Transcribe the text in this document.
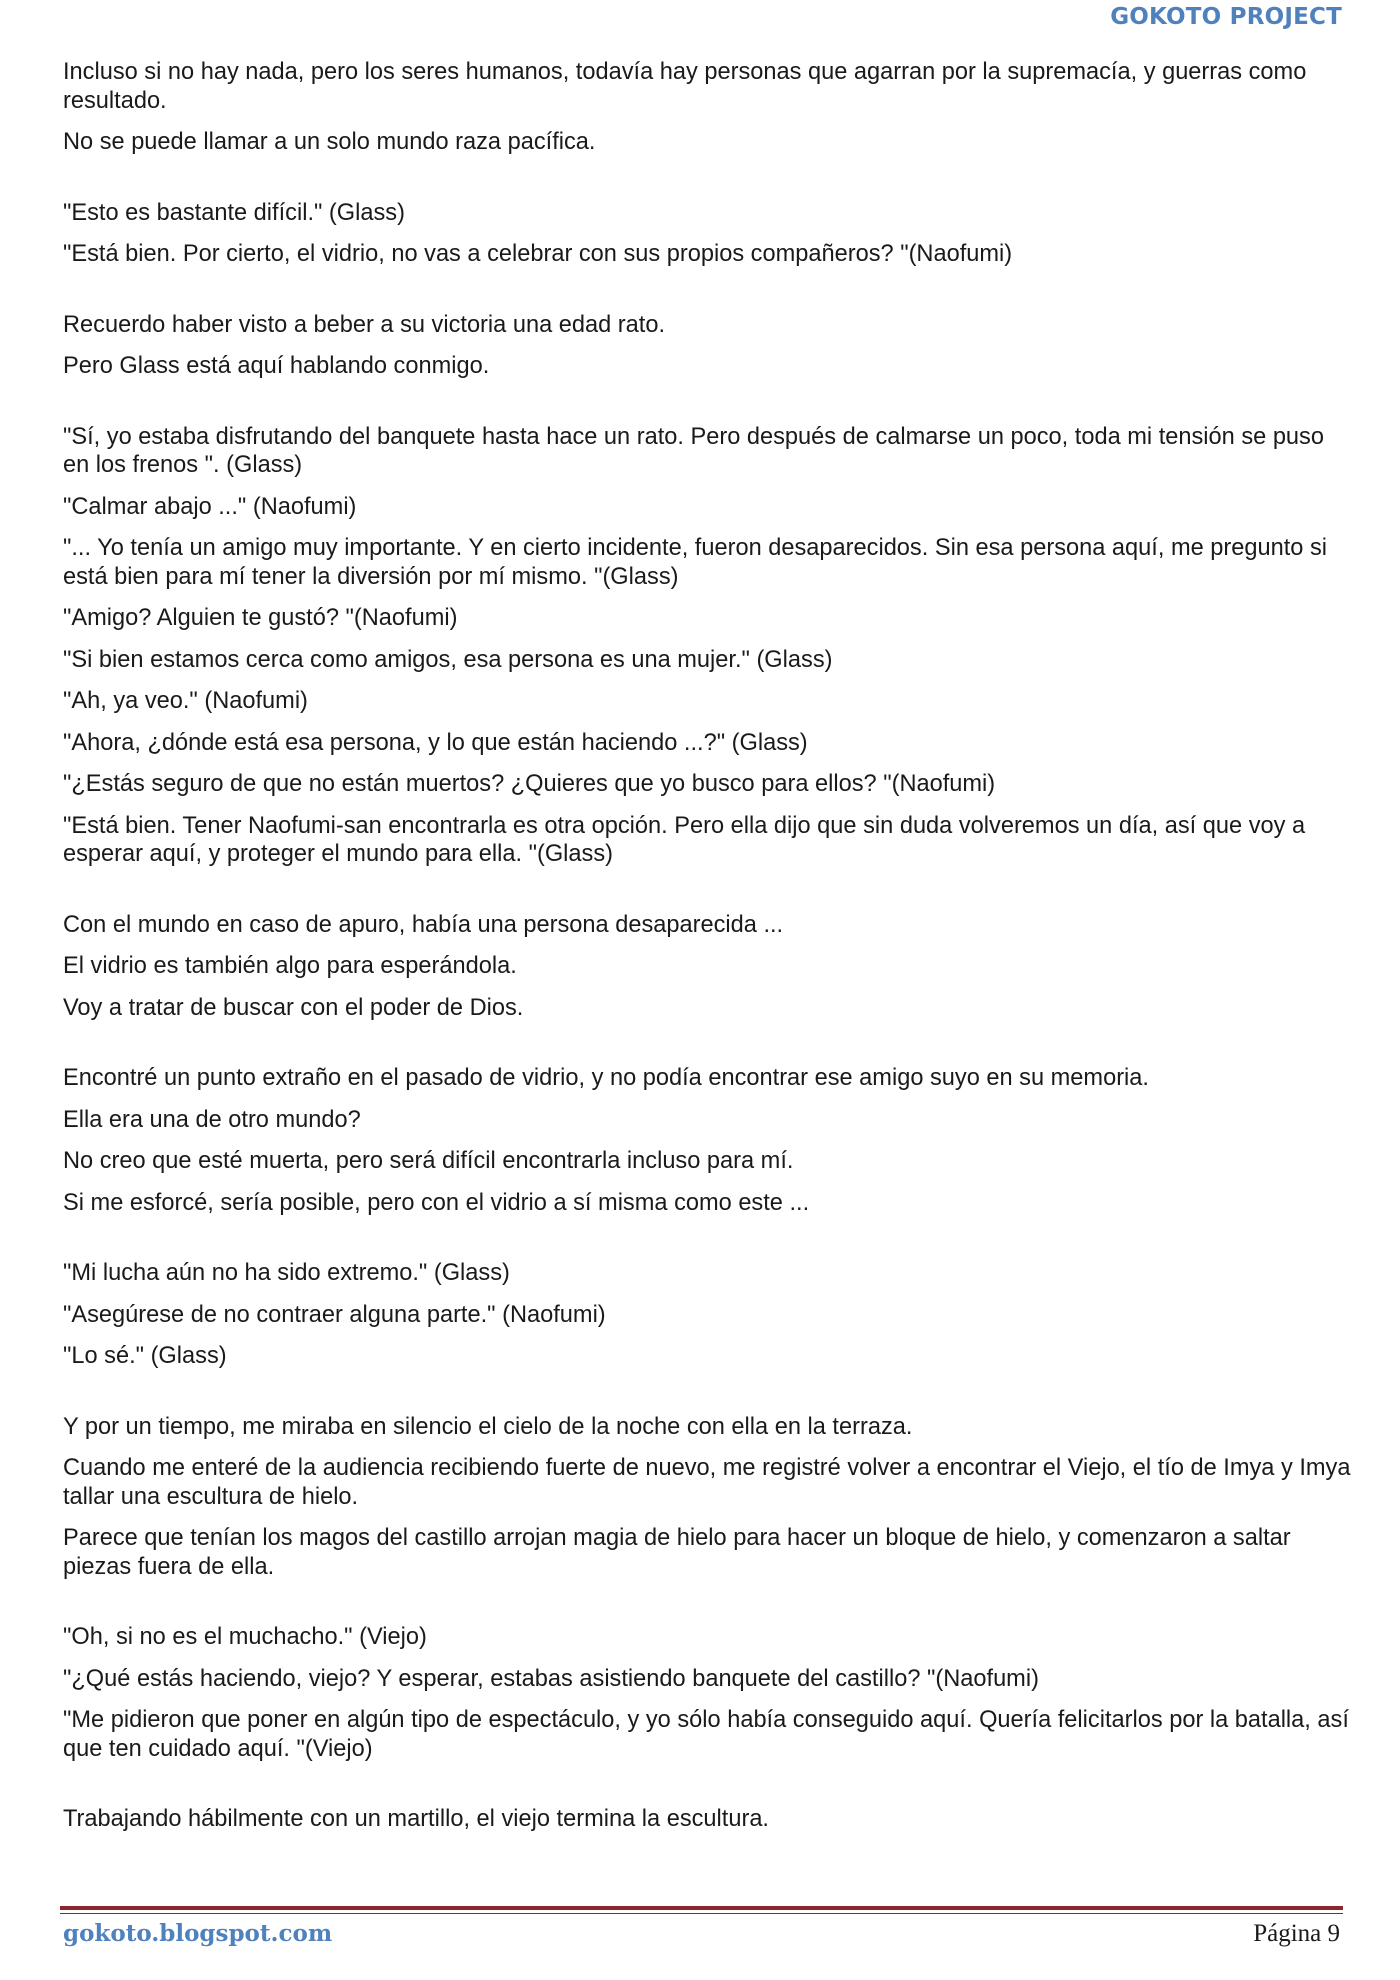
GOKOTO PROJECT

Incluso si no hay nada, pero los seres humanos, todavía hay personas que agarran por la supremacía, y guerras como resultado.

No se puede llamar a un solo mundo raza pacífica.

"Esto es bastante difícil." (Glass)

"Está bien. Por cierto, el vidrio, no vas a celebrar con sus propios compañeros? "(Naofumi)

Recuerdo haber visto a beber a su victoria una edad rato.

Pero Glass está aquí hablando conmigo.

"Sí, yo estaba disfrutando del banquete hasta hace un rato. Pero después de calmarse un poco, toda mi tensión se puso en los frenos ". (Glass)

"Calmar abajo ..." (Naofumi)

"... Yo tenía un amigo muy importante. Y en cierto incidente, fueron desaparecidos. Sin esa persona aquí, me pregunto si está bien para mí tener la diversión por mí mismo. "(Glass)

"Amigo? Alguien te gustó? "(Naofumi)

"Si bien estamos cerca como amigos, esa persona es una mujer." (Glass)

"Ah, ya veo." (Naofumi)

"Ahora, ¿dónde está esa persona, y lo que están haciendo ...?" (Glass)

"¿Estás seguro de que no están muertos? ¿Quieres que yo busco para ellos? "(Naofumi)

"Está bien. Tener Naofumi-san encontrarla es otra opción. Pero ella dijo que sin duda volveremos un día, así que voy a esperar aquí, y proteger el mundo para ella. "(Glass)

Con el mundo en caso de apuro, había una persona desaparecida ...

El vidrio es también algo para esperándola.

Voy a tratar de buscar con el poder de Dios.

Encontré un punto extraño en el pasado de vidrio, y no podía encontrar ese amigo suyo en su memoria.

Ella era una de otro mundo?

No creo que esté muerta, pero será difícil encontrarla incluso para mí.

Si me esforcé, sería posible, pero con el vidrio a sí misma como este ...

"Mi lucha aún no ha sido extremo." (Glass)

"Asegúrese de no contraer alguna parte." (Naofumi)

"Lo sé." (Glass)

Y por un tiempo, me miraba en silencio el cielo de la noche con ella en la terraza.

Cuando me enteré de la audiencia recibiendo fuerte de nuevo, me registré volver a encontrar el Viejo, el tío de Imya y Imya tallar una escultura de hielo.

Parece que tenían los magos del castillo arrojan magia de hielo para hacer un bloque de hielo, y comenzaron a saltar piezas fuera de ella.

"Oh, si no es el muchacho." (Viejo)

"¿Qué estás haciendo, viejo? Y esperar, estabas asistiendo banquete del castillo? "(Naofumi)

"Me pidieron que poner en algún tipo de espectáculo, y yo sólo había conseguido aquí. Quería felicitarlos por la batalla, así que ten cuidado aquí. "(Viejo)

Trabajando hábilmente con un martillo, el viejo termina la escultura.

gokoto.blogspot.com	Página 9
